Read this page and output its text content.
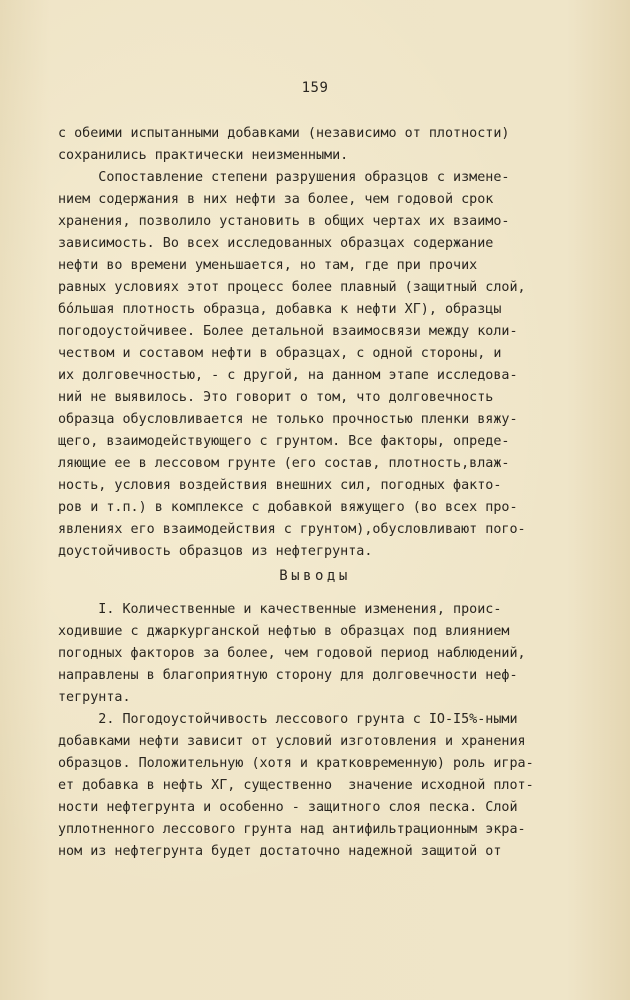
159
с обеими испытанными добавками (независимо от плотности)
сохранились практически неизменными.
Сопоставление степени разрушения образцов с измене-
нием содержания в них нефти за более, чем годовой срок
хранения, позволило установить в общих чертах их взаимо-
зависимость. Во всех исследованных образцах содержание
нефти во времени уменьшается, но там, где при прочих
равных условиях этот процесс более плавный (защитный слой,
бо́льшая плотность образца, добавка к нефти ХГ), образцы
погодоустойчивее. Более детальной взаимосвязи между коли-
чеством и составом нефти в образцах, с одной стороны, и
их долговечностью, - с другой, на данном этапе исследова-
ний не выявилось. Это говорит о том, что долговечность
образца обусловливается не только прочностью пленки вяжу-
щего, взаимодействующего с грунтом. Все факторы, опреде-
ляющие ее в лессовом грунте (его состав, плотность,влаж-
ность, условия воздействия внешних сил, погодных факто-
ров и т.п.) в комплексе с добавкой вяжущего (во всех про-
явлениях его взаимодействия с грунтом),обусловливают пого-
доустойчивость образцов из нефтегрунта.
Выводы
I. Количественные и качественные изменения, проис-
ходившие с джаркурганской нефтью в образцах под влиянием
погодных факторов за более, чем годовой период наблюдений,
направлены в благоприятную сторону для долговечности неф-
тегрунта.
2. Погодоустойчивость лессового грунта с IO-I5%-ными
добавками нефти зависит от условий изготовления и хранения
образцов. Положительную (хотя и кратковременную) роль игра-
ет добавка в нефть ХГ, существенно  значение исходной плот-
ности нефтегрунта и особенно - защитного слоя песка. Слой
уплотненного лессового грунта над антифильтрационным экра-
ном из нефтегрунта будет достаточно надежной защитой от
